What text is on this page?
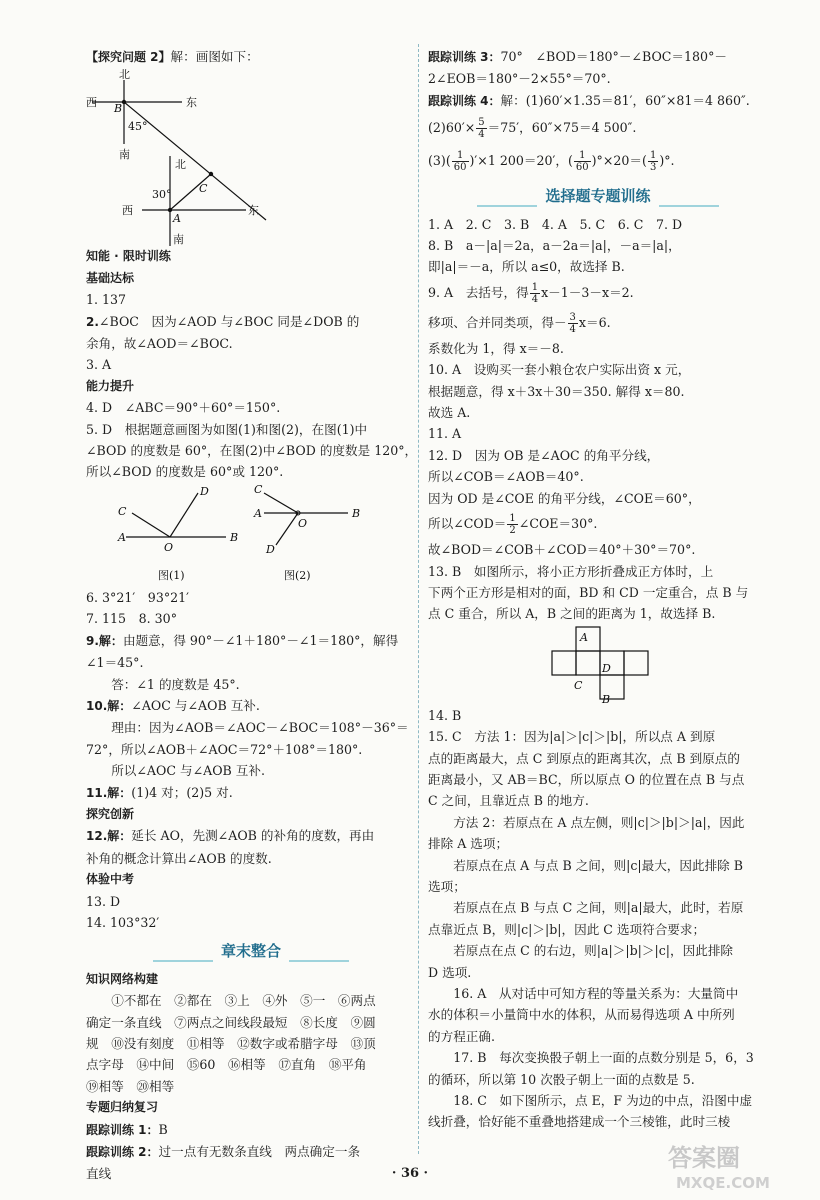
【探究问题 2】解：画图如下：
北
西	东
南
B
45°
C
北
30°
西	东
A
南
知能 · 限时训练
基础达标
1. 137
2.∠BOC　因为∠AOD 与∠BOC 同是∠DOB 的
余角，故∠AOD＝∠BOC.
3. A
能力提升
4. D　∠ABC＝90°＋60°＝150°.
5. D　根据题意画图为如图(1)和图(2)，在图(1)中
∠BOD 的度数是 60°，在图(2)中∠BOD 的度数是 120°，
所以∠BOD 的度数是 60°或 120°.
C
D
A
O
B
图(1)
C
A
O
B
D
图(2)
6. 3°21′　93°21′
7. 115　8. 30°
9.解：由题意，得 90°－∠1＋180°－∠1＝180°，解得
∠1＝45°.
答：∠1 的度数是 45°.
10.解：∠AOC 与∠AOB 互补.
理由：因为∠AOB＝∠AOC－∠BOC＝108°－36°＝
72°，所以∠AOB＋∠AOC＝72°＋108°＝180°.
所以∠AOC 与∠AOB 互补.
11.解：(1)4 对；(2)5 对.
探究创新
12.解：延长 AO，先测∠AOB 的补角的度数，再由
补角的概念计算出∠AOB 的度数.
体验中考
13. D
14. 103°32′
章末整合
知识网络构建
①不都在　②都在　③上　④外　⑤一　⑥两点
确定一条直线　⑦两点之间线段最短　⑧长度　⑨圆
规　⑩没有刻度　⑪相等　⑫数字或希腊字母　⑬顶
点字母　⑭中间　⑮60　⑯相等　⑰直角　⑱平角
⑲相等　⑳相等
专题归纳复习
跟踪训练 1：B
跟踪训练 2：过一点有无数条直线　两点确定一条
直线
跟踪训练 3：70°　∠BOD＝180°－∠BOC＝180°－
2∠EOB＝180°－2×55°＝70°.
跟踪训练 4：解：(1)60′×1.35＝81′，60″×81＝4 860″.
$(2)60'\times \frac{5}{4} =75'$，60″×75＝4 500″.
$(3)( \frac{1}{60} )'\times 1$ 200＝20′，( $\frac{1}{60} )^\circ\times 20=( \frac{1}{3}$ )°.
选择题专题训练
1. A　2. C　3. B　4. A　5. C　6. C　7. D
8. B　a－|a|＝2a，a－2a＝|a|，－a＝|a|，
即|a|＝－a，所以 a≤0，故选择 B.
9. A　去括号，得 $\frac{1}{4} x-1-3-x=2$.
移项、合并同类项，得－ $\frac{3}{4} x=6$.
系数化为 1，得 x＝－8.
10. A　设购买一套小粮仓农户实际出资 x 元，
根据题意，得 x＋3x＋30＝350. 解得 x＝80.
故选 A.
11. A
12. D　因为 OB 是∠AOC 的角平分线，
所以∠COB＝∠AOB＝40°.
因为 OD 是∠COE 的角平分线，∠COE＝60°，
所以∠COD＝ $\frac{1}{2}$ ∠COE＝30°.
故∠BOD＝∠COB＋∠COD＝40°＋30°＝70°.
13. B　如图所示，将小正方形折叠成正方体时，上
下两个正方形是相对的面，BD 和 CD 一定重合，点 B 与
点 C 重合，所以 A，B 之间的距离为 1，故选择 B.
A
D
C
B
14. B
15. C　方法 1：因为|a|＞|c|＞|b|，所以点 A 到原
点的距离最大，点 C 到原点的距离其次，点 B 到原点的
距离最小，又 AB＝BC，所以原点 O 的位置在点 B 与点
C 之间，且靠近点 B 的地方.
方法 2：若原点在 A 点左侧，则|c|＞|b|＞|a|，因此
排除 A 选项；
若原点在点 A 与点 B 之间，则|c|最大，因此排除 B
选项；
若原点在点 B 与点 C 之间，则|a|最大，此时，若原
点靠近点 B，则|c|＞|b|，因此 C 选项符合要求；
若原点在点 C 的右边，则|a|＞|b|＞|c|，因此排除
D 选项.
16. A　从对话中可知方程的等量关系为：大量筒中
水的体积＝小量筒中水的体积，从而易得选项 A 中所列
的方程正确.
17. B　每次变换骰子朝上一面的点数分别是 5，6，3
的循环，所以第 10 次骰子朝上一面的点数是 5.
18. C　如下图所示，点 E，F 为边的中点，沿图中虚
线折叠，恰好能不重叠地搭建成一个三棱锥，此时三棱
· 36 ·
答案圈
MXQE.COM
